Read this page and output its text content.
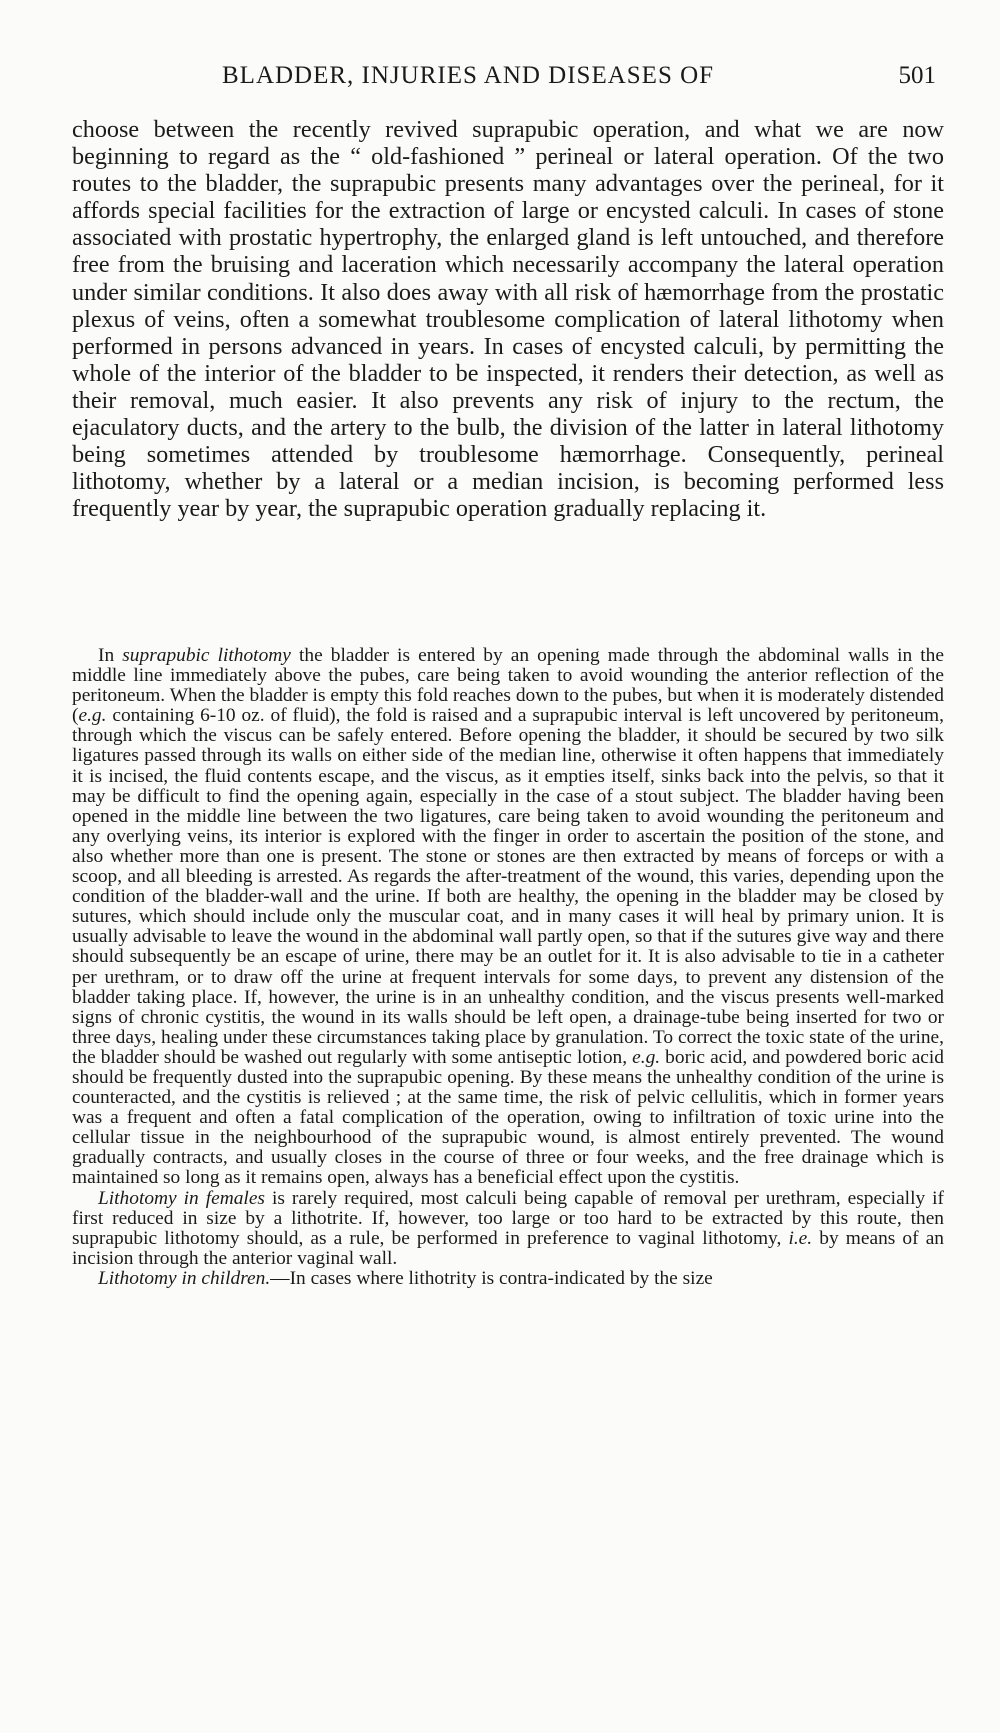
BLADDER, INJURIES AND DISEASES OF	501

choose between the recently revived suprapubic operation, and what we are now beginning to regard as the “ old-fashioned ” perineal or lateral operation. Of the two routes to the bladder, the suprapubic presents many advantages over the perineal, for it affords special facilities for the extraction of large or encysted calculi. In cases of stone associated with prostatic hypertrophy, the enlarged gland is left untouched, and therefore free from the bruising and laceration which necessarily accompany the lateral operation under similar conditions. It also does away with all risk of hæmorrhage from the prostatic plexus of veins, often a somewhat troublesome complication of lateral lithotomy when performed in persons advanced in years. In cases of encysted calculi, by permitting the whole of the interior of the bladder to be inspected, it renders their detection, as well as their removal, much easier. It also prevents any risk of injury to the rectum, the ejaculatory ducts, and the artery to the bulb, the division of the latter in lateral lithotomy being sometimes attended by troublesome hæmorrhage. Consequently, perineal lithotomy, whether by a lateral or a median incision, is becoming performed less frequently year by year, the suprapubic operation gradually replacing it.

In suprapubic lithotomy the bladder is entered by an opening made through the abdominal walls in the middle line immediately above the pubes, care being taken to avoid wounding the anterior reflection of the peritoneum. When the bladder is empty this fold reaches down to the pubes, but when it is moderately distended (e.g. containing 6-10 oz. of fluid), the fold is raised and a suprapubic interval is left uncovered by peritoneum, through which the viscus can be safely entered. Before opening the bladder, it should be secured by two silk ligatures passed through its walls on either side of the median line, otherwise it often happens that immediately it is incised, the fluid contents escape, and the viscus, as it empties itself, sinks back into the pelvis, so that it may be difficult to find the opening again, especially in the case of a stout subject. The bladder having been opened in the middle line between the two ligatures, care being taken to avoid wounding the peritoneum and any overlying veins, its interior is explored with the finger in order to ascertain the position of the stone, and also whether more than one is present. The stone or stones are then extracted by means of forceps or with a scoop, and all bleeding is arrested. As regards the after-treatment of the wound, this varies, depending upon the condition of the bladder-wall and the urine. If both are healthy, the opening in the bladder may be closed by sutures, which should include only the muscular coat, and in many cases it will heal by primary union. It is usually advisable to leave the wound in the abdominal wall partly open, so that if the sutures give way and there should subsequently be an escape of urine, there may be an outlet for it. It is also advisable to tie in a catheter per urethram, or to draw off the urine at frequent intervals for some days, to prevent any distension of the bladder taking place. If, however, the urine is in an unhealthy condition, and the viscus presents well-marked signs of chronic cystitis, the wound in its walls should be left open, a drainage-tube being inserted for two or three days, healing under these circumstances taking place by granulation. To correct the toxic state of the urine, the bladder should be washed out regularly with some antiseptic lotion, e.g. boric acid, and powdered boric acid should be frequently dusted into the suprapubic opening. By these means the unhealthy condition of the urine is counteracted, and the cystitis is relieved ; at the same time, the risk of pelvic cellulitis, which in former years was a frequent and often a fatal complication of the operation, owing to infiltration of toxic urine into the cellular tissue in the neighbourhood of the suprapubic wound, is almost entirely prevented. The wound gradually contracts, and usually closes in the course of three or four weeks, and the free drainage which is maintained so long as it remains open, always has a beneficial effect upon the cystitis.

Lithotomy in females is rarely required, most calculi being capable of removal per urethram, especially if first reduced in size by a lithotrite. If, however, too large or too hard to be extracted by this route, then suprapubic lithotomy should, as a rule, be performed in preference to vaginal lithotomy, i.e. by means of an incision through the anterior vaginal wall.

Lithotomy in children.—In cases where lithotrity is contra-indicated by the size
